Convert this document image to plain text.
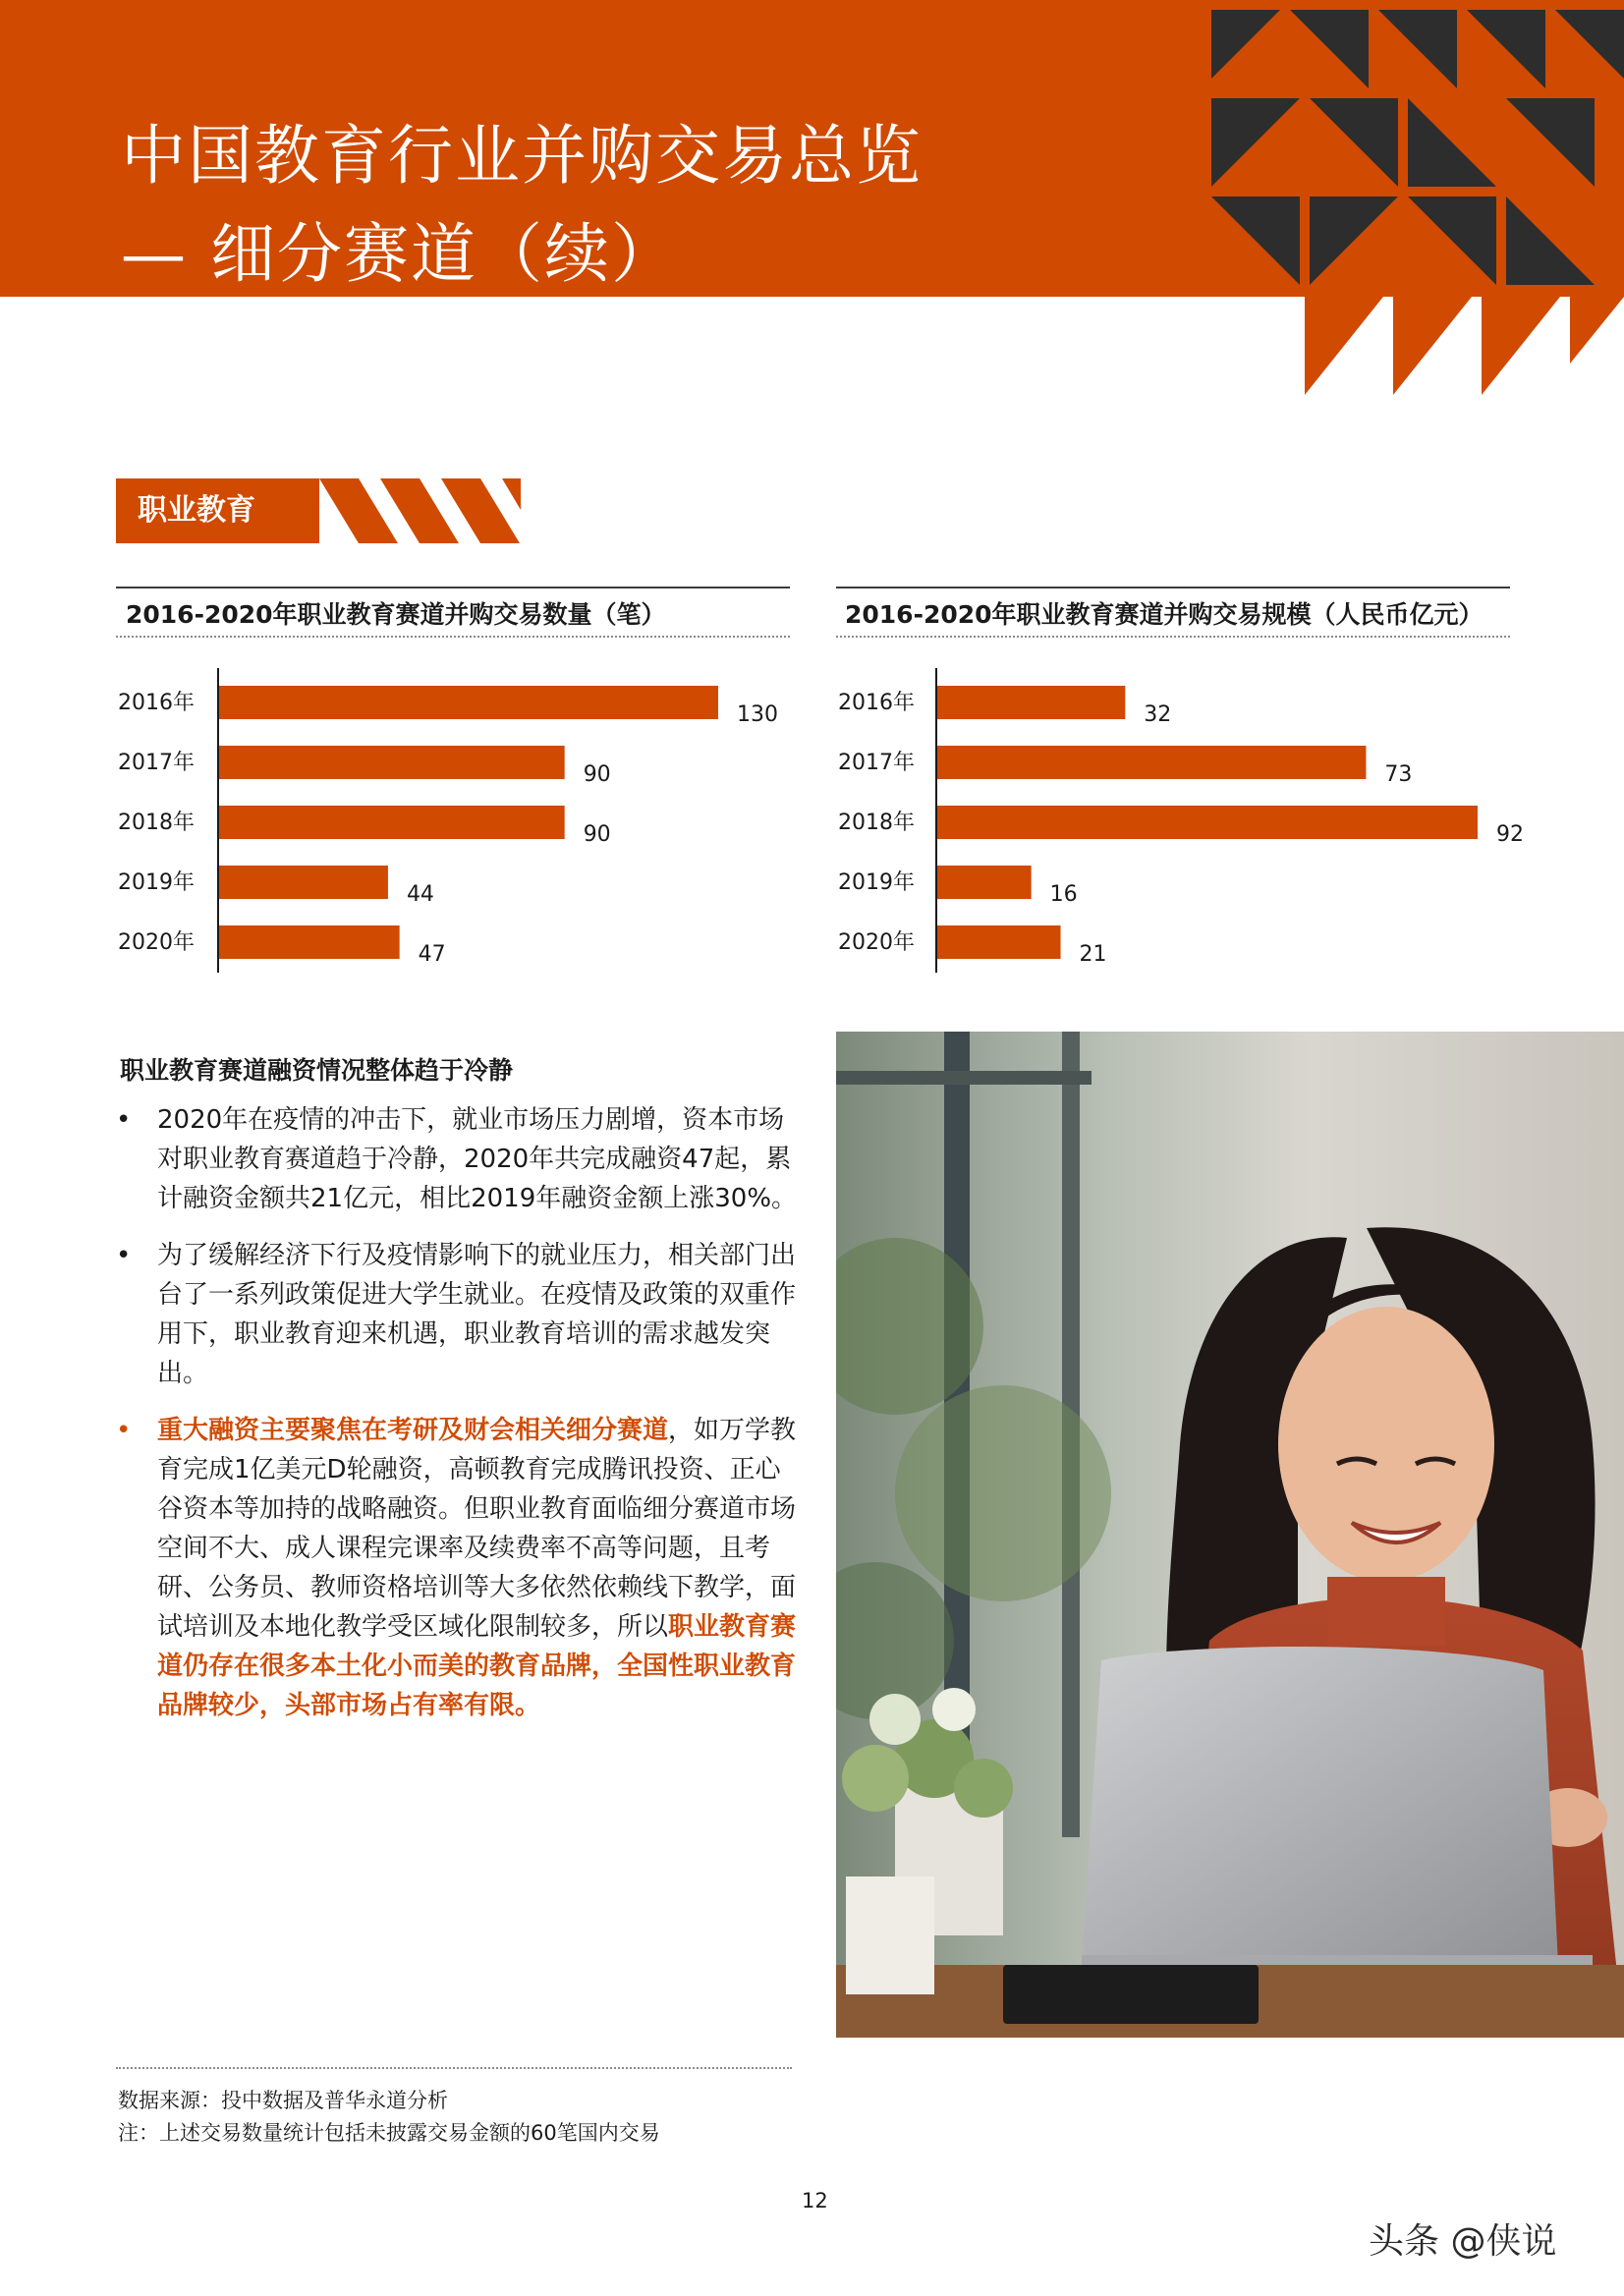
中国教育行业并购交易总览
— 细分赛道（续）
职业教育
2016-2020年职业教育赛道并购交易数量（笔）
2016年	130
2017年	90
2018年	90
2019年	44
2020年	47
2016-2020年职业教育赛道并购交易规模（人民币亿元）
2016年	32
2017年	73
2018年	92
2019年	16
2020年	21
职业教育赛道融资情况整体趋于冷静
• 2020年在疫情的冲击下，就业市场压力剧增，资本市场对职业教育赛道趋于冷静，2020年共完成融资47起，累计融资金额共21亿元，相比2019年融资金额上涨30%。
• 为了缓解经济下行及疫情影响下的就业压力，相关部门出台了一系列政策促进大学生就业。在疫情及政策的双重作用下，职业教育迎来机遇，职业教育培训的需求越发突出。
• 重大融资主要聚焦在考研及财会相关细分赛道，如万学教育完成1亿美元D轮融资，高顿教育完成腾讯投资、正心谷资本等加持的战略融资。但职业教育面临细分赛道市场空间不大、成人课程完课率及续费率不高等问题，且考研、公务员、教师资格培训等大多依然依赖线下教学，面试培训及本地化教学受区域化限制较多，所以职业教育赛道仍存在很多本土化小而美的教育品牌，全国性职业教育品牌较少，头部市场占有率有限。
数据来源：投中数据及普华永道分析
注：上述交易数量统计包括未披露交易金额的60笔国内交易
12
头条 @侠说
